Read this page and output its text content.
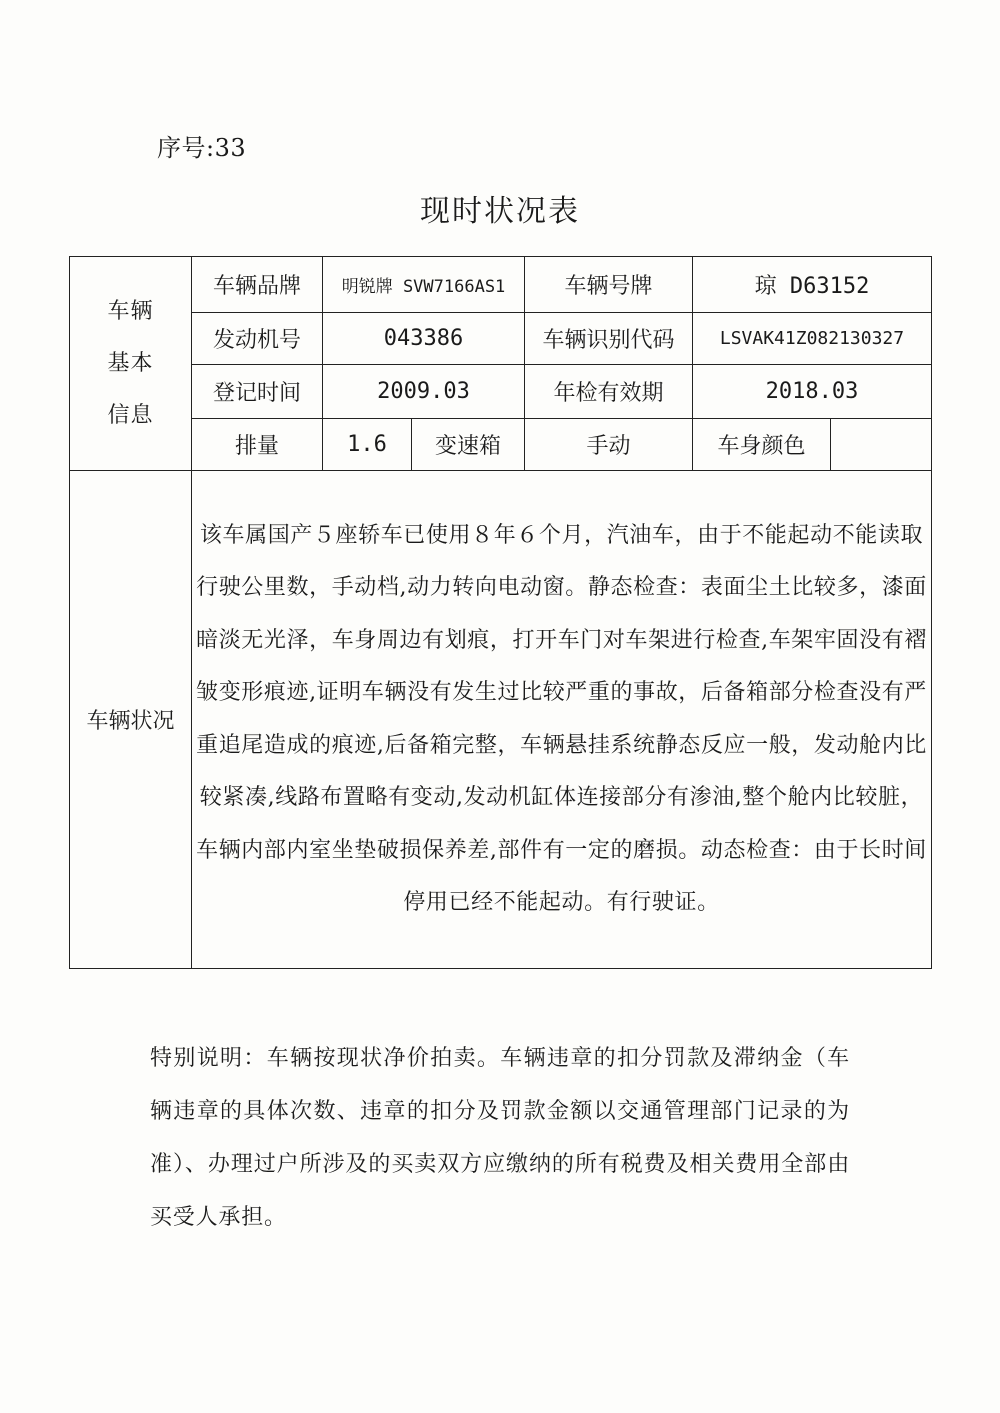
序号:33
现时状况表
车辆
基本
信息	车辆品牌	明锐牌 SVW7166AS1		车辆号牌	琼 D63152	
	发动机号	043386		车辆识别代码	LSVAK41Z082130327	
	登记时间	2009.03		年检有效期	2018.03	
	排量	1.6	变速箱	手动	车身颜色	
车辆状况	该车属国产５座轿车已使用８年６个月，汽油车，由于不能起动不能读取行驶公里数，手动档,动力转向电动窗。静态检查：表面尘土比较多，漆面暗淡无光泽，车身周边有划痕，打开车门对车架进行检查,车架牢固没有褶皱变形痕迹,证明车辆没有发生过比较严重的事故，后备箱部分检查没有严重追尾造成的痕迹,后备箱完整，车辆悬挂系统静态反应一般，发动舱内比较紧凑,线路布置略有变动,发动机缸体连接部分有渗油,整个舱内比较脏，车辆内部内室坐垫破损保养差,部件有一定的磨损。动态检查：由于长时间停用已经不能起动。有行驶证。					
特别说明：车辆按现状净价拍卖。车辆违章的扣分罚款及滞纳金（车辆违章的具体次数、违章的扣分及罚款金额以交通管理部门记录的为准）、办理过户所涉及的买卖双方应缴纳的所有税费及相关费用全部由买受人承担。
